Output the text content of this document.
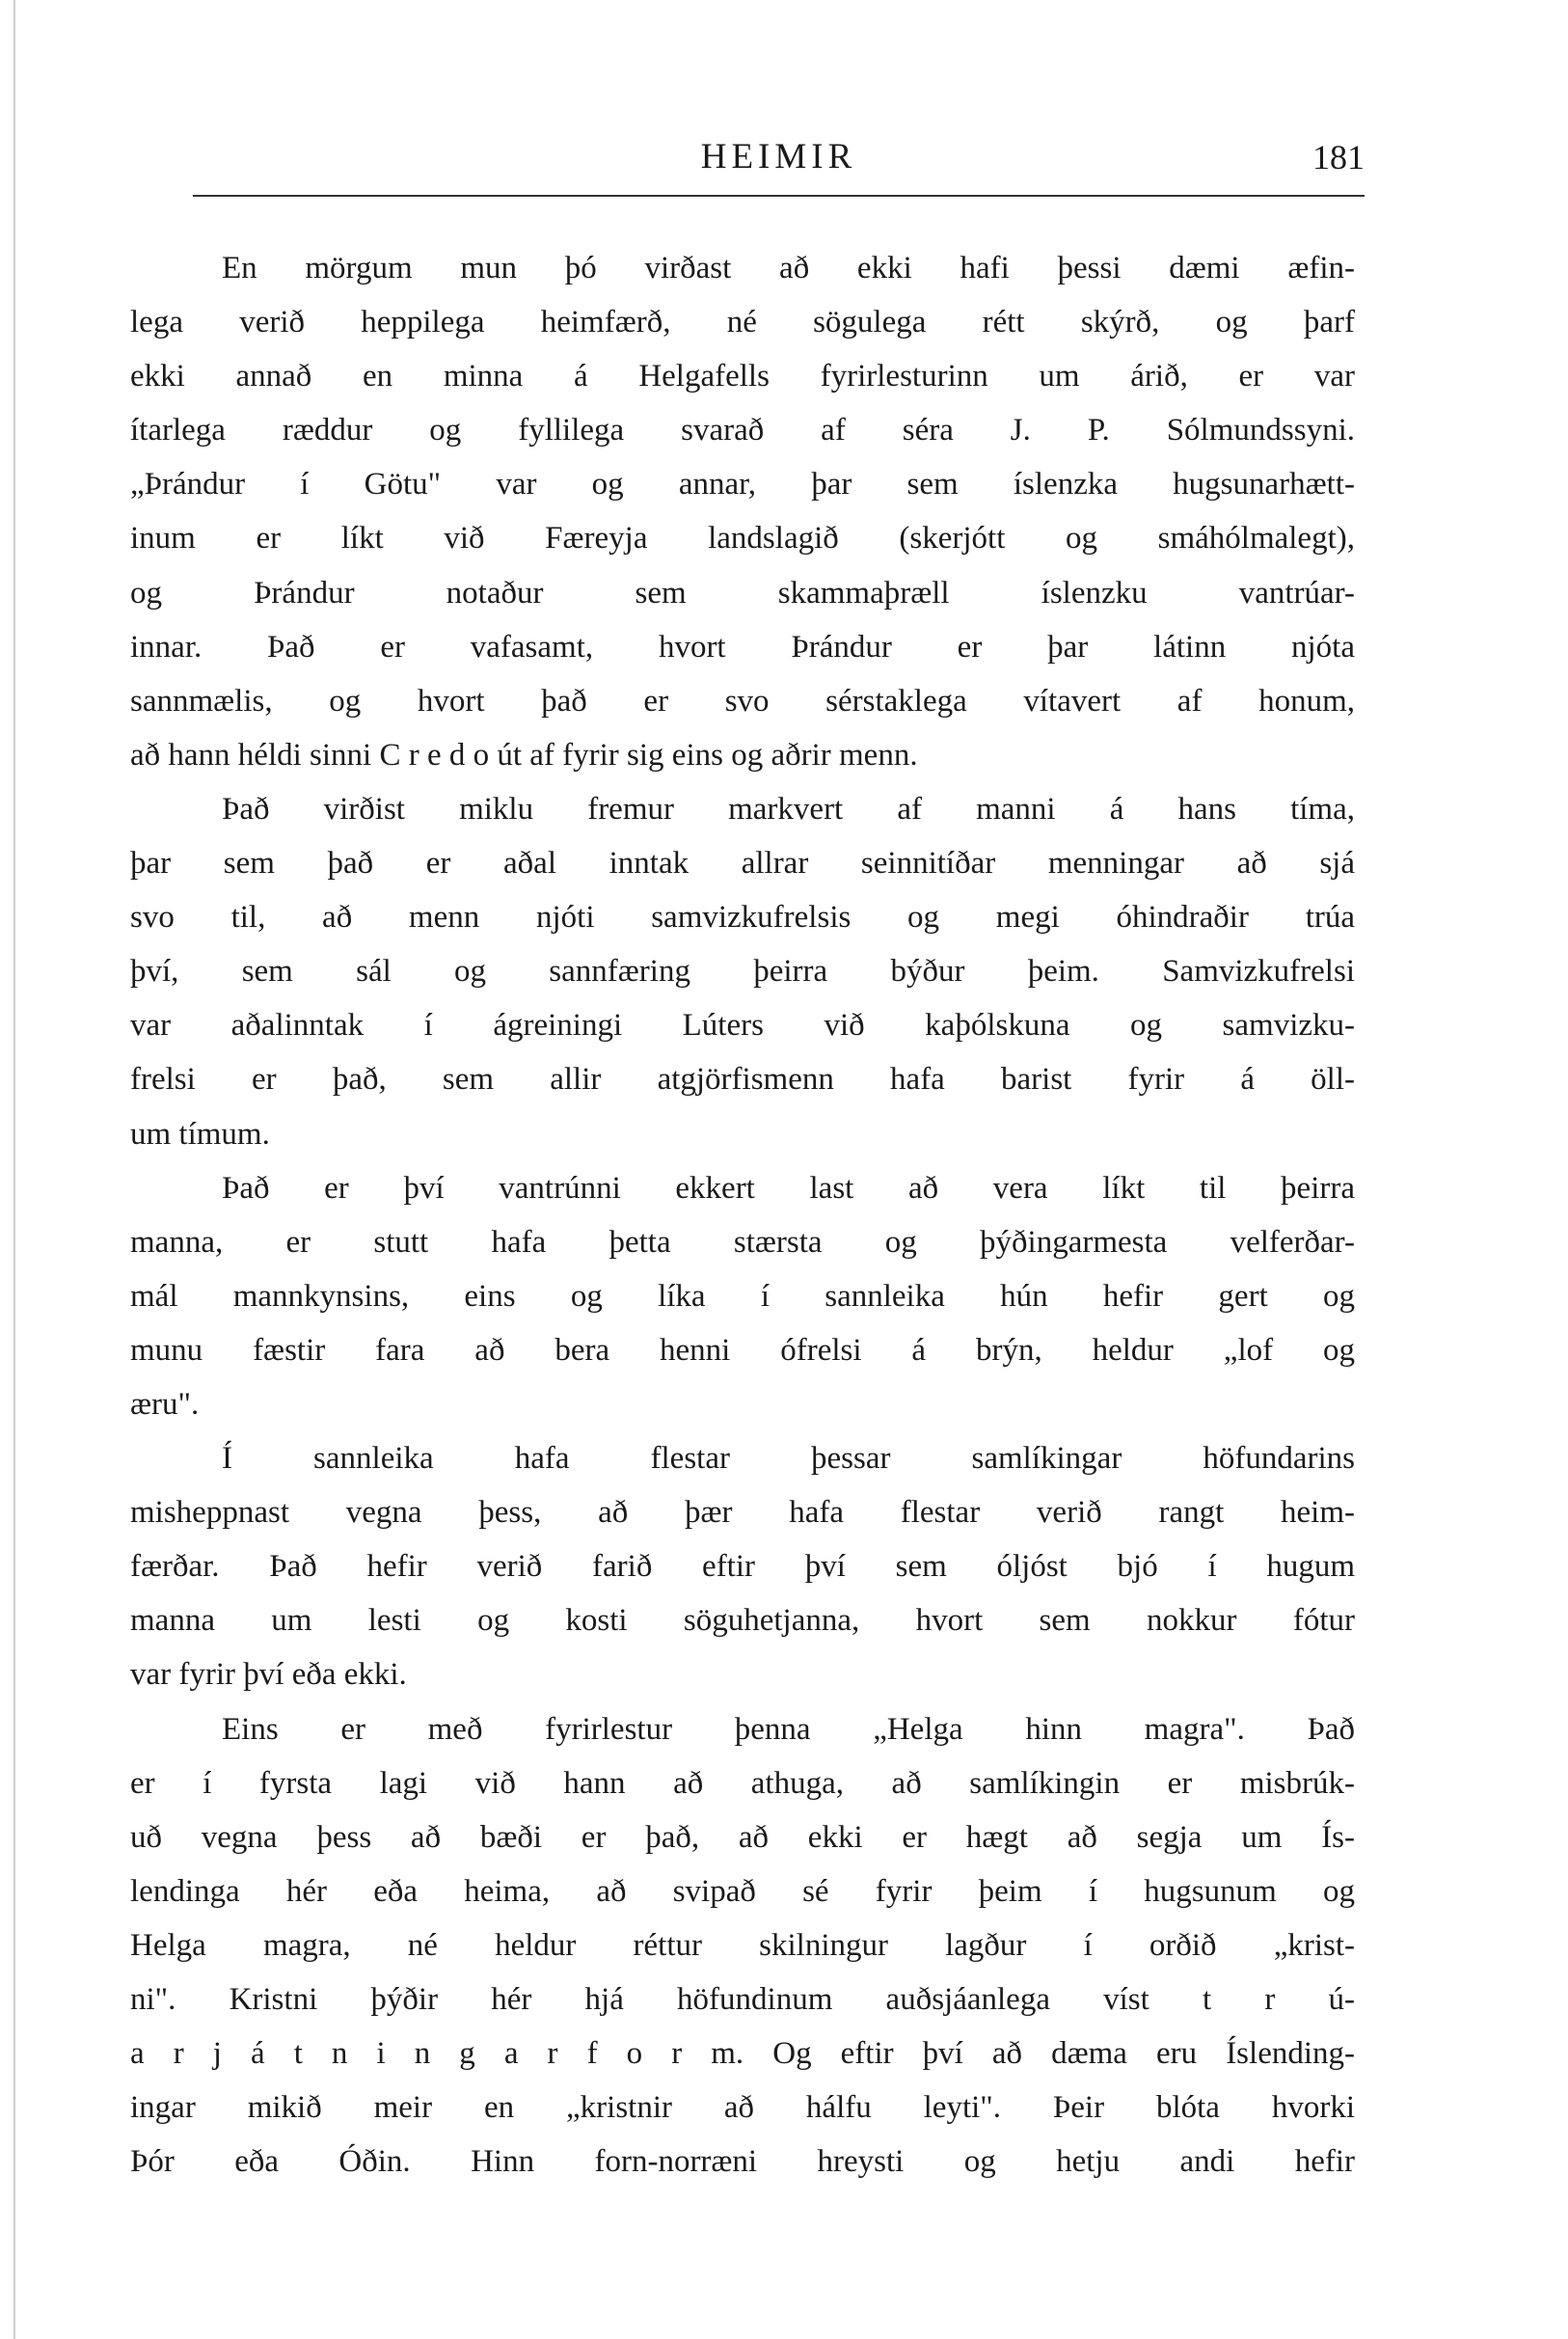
HEIMIR	181
En mörgum mun þó virðast að ekki hafi þessi dæmi æfin-
lega verið heppilega heimfærð, né sögulega rétt skýrð, og þarf
ekki annað en minna á Helgafells fyrirlesturinn um árið, er var
ítarlega ræddur og fyllilega svarað af séra J. P. Sólmundssyni.
„Þrándur í Götu" var og annar, þar sem íslenzka hugsunarhætt-
inum er líkt við Færeyja landslagið (skerjótt og smáhólmalegt),
og Þrándur notaður sem skammaþræll íslenzku vantrúar-
innar. Það er vafasamt, hvort Þrándur er þar látinn njóta
sannmælis, og hvort það er svo sérstaklega vítavert af honum,
að hann héldi sinni C r e d o út af fyrir sig eins og aðrir menn.
Það virðist miklu fremur markvert af manni á hans tíma,
þar sem það er aðal inntak allrar seinnitíðar menningar að sjá
svo til, að menn njóti samvizkufrelsis og megi óhindraðir trúa
því, sem sál og sannfæring þeirra býður þeim. Samvizkufrelsi
var aðalinntak í ágreiningi Lúters við kaþólskuna og samvizku-
frelsi er það, sem allir atgjörfismenn hafa barist fyrir á öll-
um tímum.
Það er því vantrúnni ekkert last að vera líkt til þeirra
manna, er stutt hafa þetta stærsta og þýðingarmesta velferðar-
mál mannkynsins, eins og líka í sannleika hún hefir gert og
munu fæstir fara að bera henni ófrelsi á brýn, heldur „lof og
æru".
Í sannleika hafa flestar þessar samlíkingar höfundarins
misheppnast vegna þess, að þær hafa flestar verið rangt heim-
færðar. Það hefir verið farið eftir því sem óljóst bjó í hugum
manna um lesti og kosti söguhetjanna, hvort sem nokkur fótur
var fyrir því eða ekki.
Eins er með fyrirlestur þenna „Helga hinn magra". Það
er í fyrsta lagi við hann að athuga, að samlíkingin er misbrúk-
uð vegna þess að bæði er það, að ekki er hægt að segja um Ís-
lendinga hér eða heima, að svipað sé fyrir þeim í hugsunum og
Helga magra, né heldur réttur skilningur lagður í orðið „krist-
ni". Kristni þýðir hér hjá höfundinum auðsjáanlega víst t r ú-
a r j á t n i n g a r f o r m. Og eftir því að dæma eru Íslending-
ingar mikið meir en „kristnir að hálfu leyti". Þeir blóta hvorki
Þór eða Óðin. Hinn forn-norræni hreysti og hetju andi hefir
